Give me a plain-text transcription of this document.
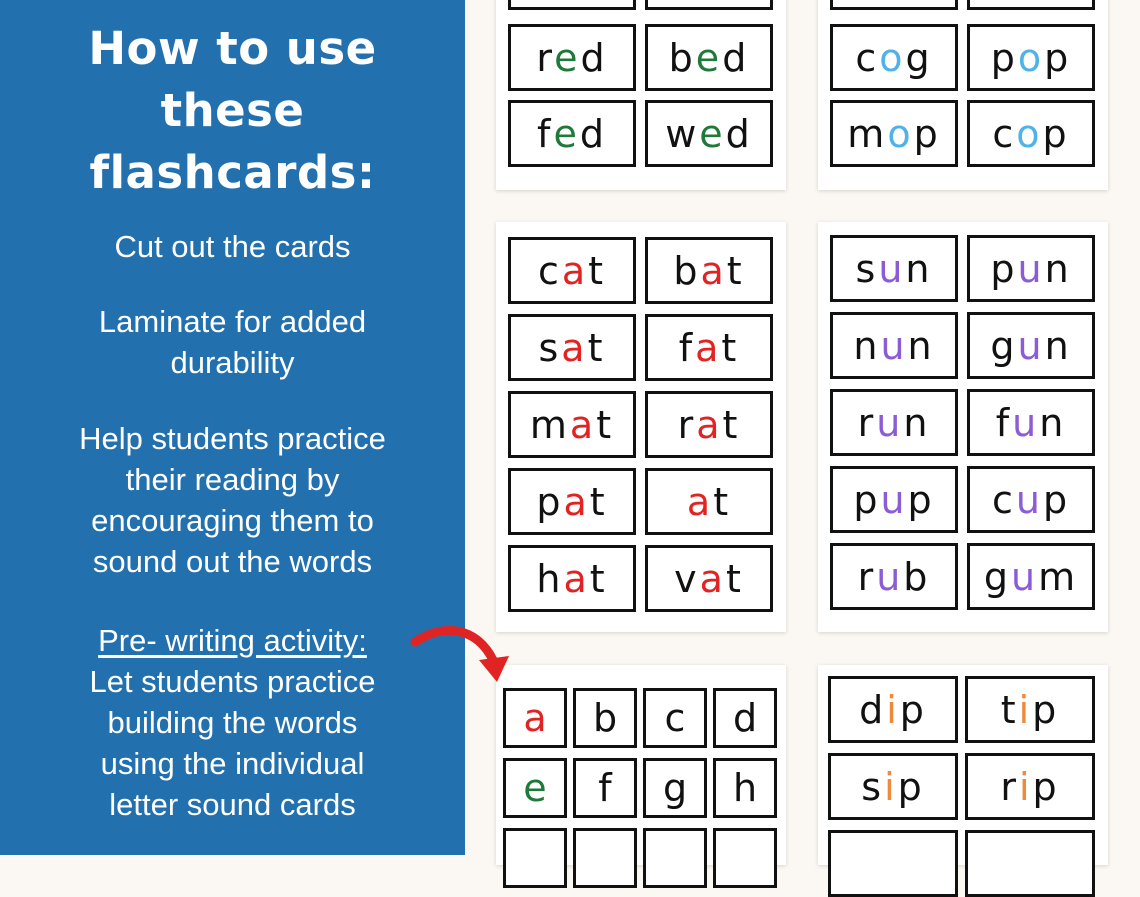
How to use
these
flashcards:
Cut out the cards
Laminate for added
durability
Help students practice
their reading by
encouraging them to
sound out the words
Pre- writing activity:
Let students practice
building the words
using the individual
letter sound cards
red bed
fed wed
cog pop
mop cop
cat bat
sat fat
mat rat
pat at
hat vat
sun pun
nun gun
run fun
pup cup
rub gum
a b c d
e f g h
dip tip
sip rip
